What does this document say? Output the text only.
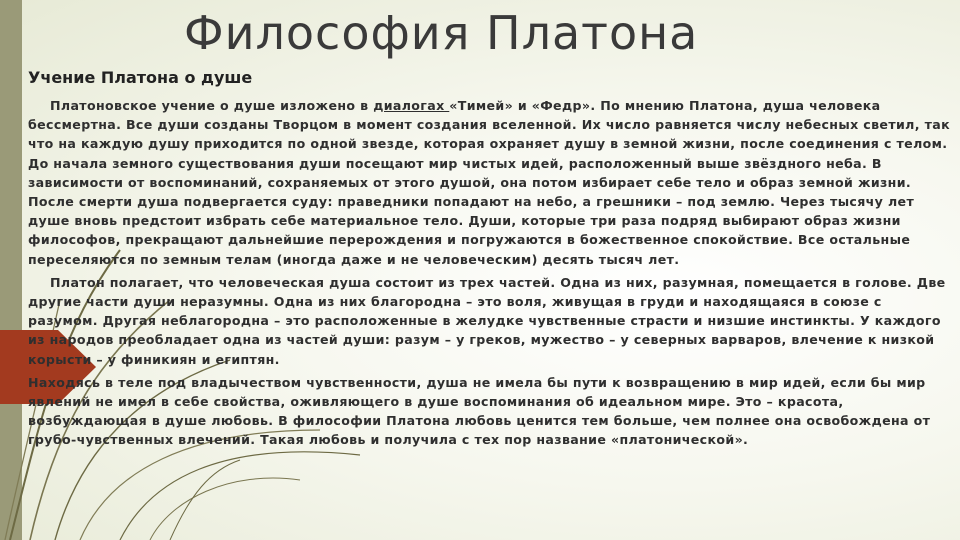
Философия Платона
Учение Платона о душе

Платоновское учение о душе изложено в диалогах «Тимей» и «Федр». По мнению Платона, душа человека бессмертна. Все души созданы Творцом в момент создания вселенной. Их число равняется числу небесных светил, так что на каждую душу приходится по одной звезде, которая охраняет душу в земной жизни, после соединения с телом. До начала земного существования души посещают мир чистых идей, расположенный выше звёздного неба. В зависимости от воспоминаний, сохраняемых от этого душой, она потом избирает себе тело и образ земной жизни. После смерти душа подвергается суду: праведники попадают на небо, а грешники – под землю. Через тысячу лет душе вновь предстоит избрать себе материальное тело. Души, которые три раза подряд выбирают образ жизни философов, прекращают дальнейшие перерождения и погружаются в божественное спокойствие. Все остальные переселяются по земным телам (иногда даже и не человеческим) десять тысяч лет.

Платон полагает, что человеческая душа состоит из трех частей. Одна из них, разумная, помещается в голове. Две другие части души неразумны. Одна из них благородна – это воля, живущая в груди и находящаяся в союзе с разумом. Другая неблагородна – это расположенные в желудке чувственные страсти и низшие инстинкты. У каждого из народов преобладает одна из частей души: разум – у греков, мужество – у северных варваров, влечение к низкой корысти – у финикиян и египтян.

Находясь в теле под владычеством чувственности, душа не имела бы пути к возвращению в мир идей, если бы мир явлений не имел в себе свойства, оживляющего в душе воспоминания об идеальном мире. Это – красота, возбуждающая в душе любовь. В философии Платона любовь ценится тем больше, чем полнее она освобождена от грубо-чувственных влечений. Такая любовь и получила с тех пор название «платонической».
